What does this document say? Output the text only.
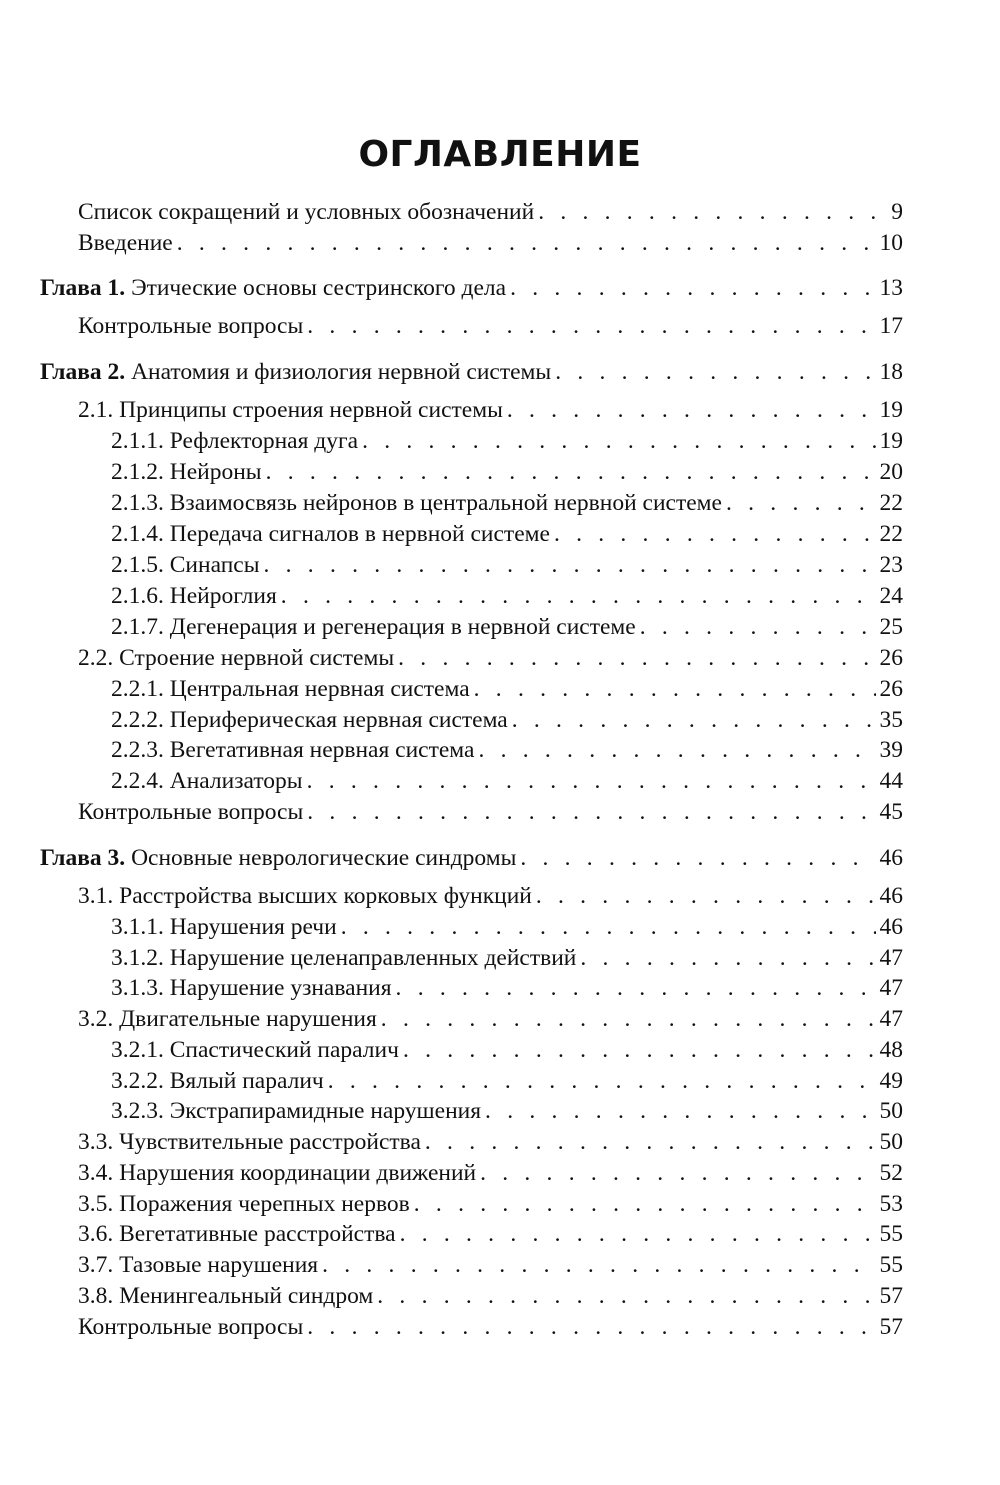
ОГЛАВЛЕНИЕ
Список сокращений и условных обозначений . . .	9
Введение . . .	10
Глава 1. Этические основы сестринского дела . . .	13
Контрольные вопросы . . .	17
Глава 2. Анатомия и физиология нервной системы . . .	18
2.1. Принципы строения нервной системы . . .	19
2.1.1. Рефлекторная дуга . . .	19
2.1.2. Нейроны . . .	20
2.1.3. Взаимосвязь нейронов в центральной нервной системе . . .	22
2.1.4. Передача сигналов в нервной системе . . .	22
2.1.5. Синапсы . . .	23
2.1.6. Нейроглия . . .	24
2.1.7. Дегенерация и регенерация в нервной системе . . .	25
2.2. Строение нервной системы . . .	26
2.2.1. Центральная нервная система . . .	26
2.2.2. Периферическая нервная система . . .	35
2.2.3. Вегетативная нервная система . . .	39
2.2.4. Анализаторы . . .	44
Контрольные вопросы . . .	45
Глава 3. Основные неврологические синдромы . . .	46
3.1. Расстройства высших корковых функций . . .	46
3.1.1. Нарушения речи . . .	46
3.1.2. Нарушение целенаправленных действий . . .	47
3.1.3. Нарушение узнавания . . .	47
3.2. Двигательные нарушения . . .	47
3.2.1. Спастический паралич . . .	48
3.2.2. Вялый паралич . . .	49
3.2.3. Экстрапирамидные нарушения . . .	50
3.3. Чувствительные расстройства . . .	50
3.4. Нарушения координации движений . . .	52
3.5. Поражения черепных нервов . . .	53
3.6. Вегетативные расстройства . . .	55
3.7. Тазовые нарушения . . .	55
3.8. Менингеальный синдром . . .	57
Контрольные вопросы . . .	57
